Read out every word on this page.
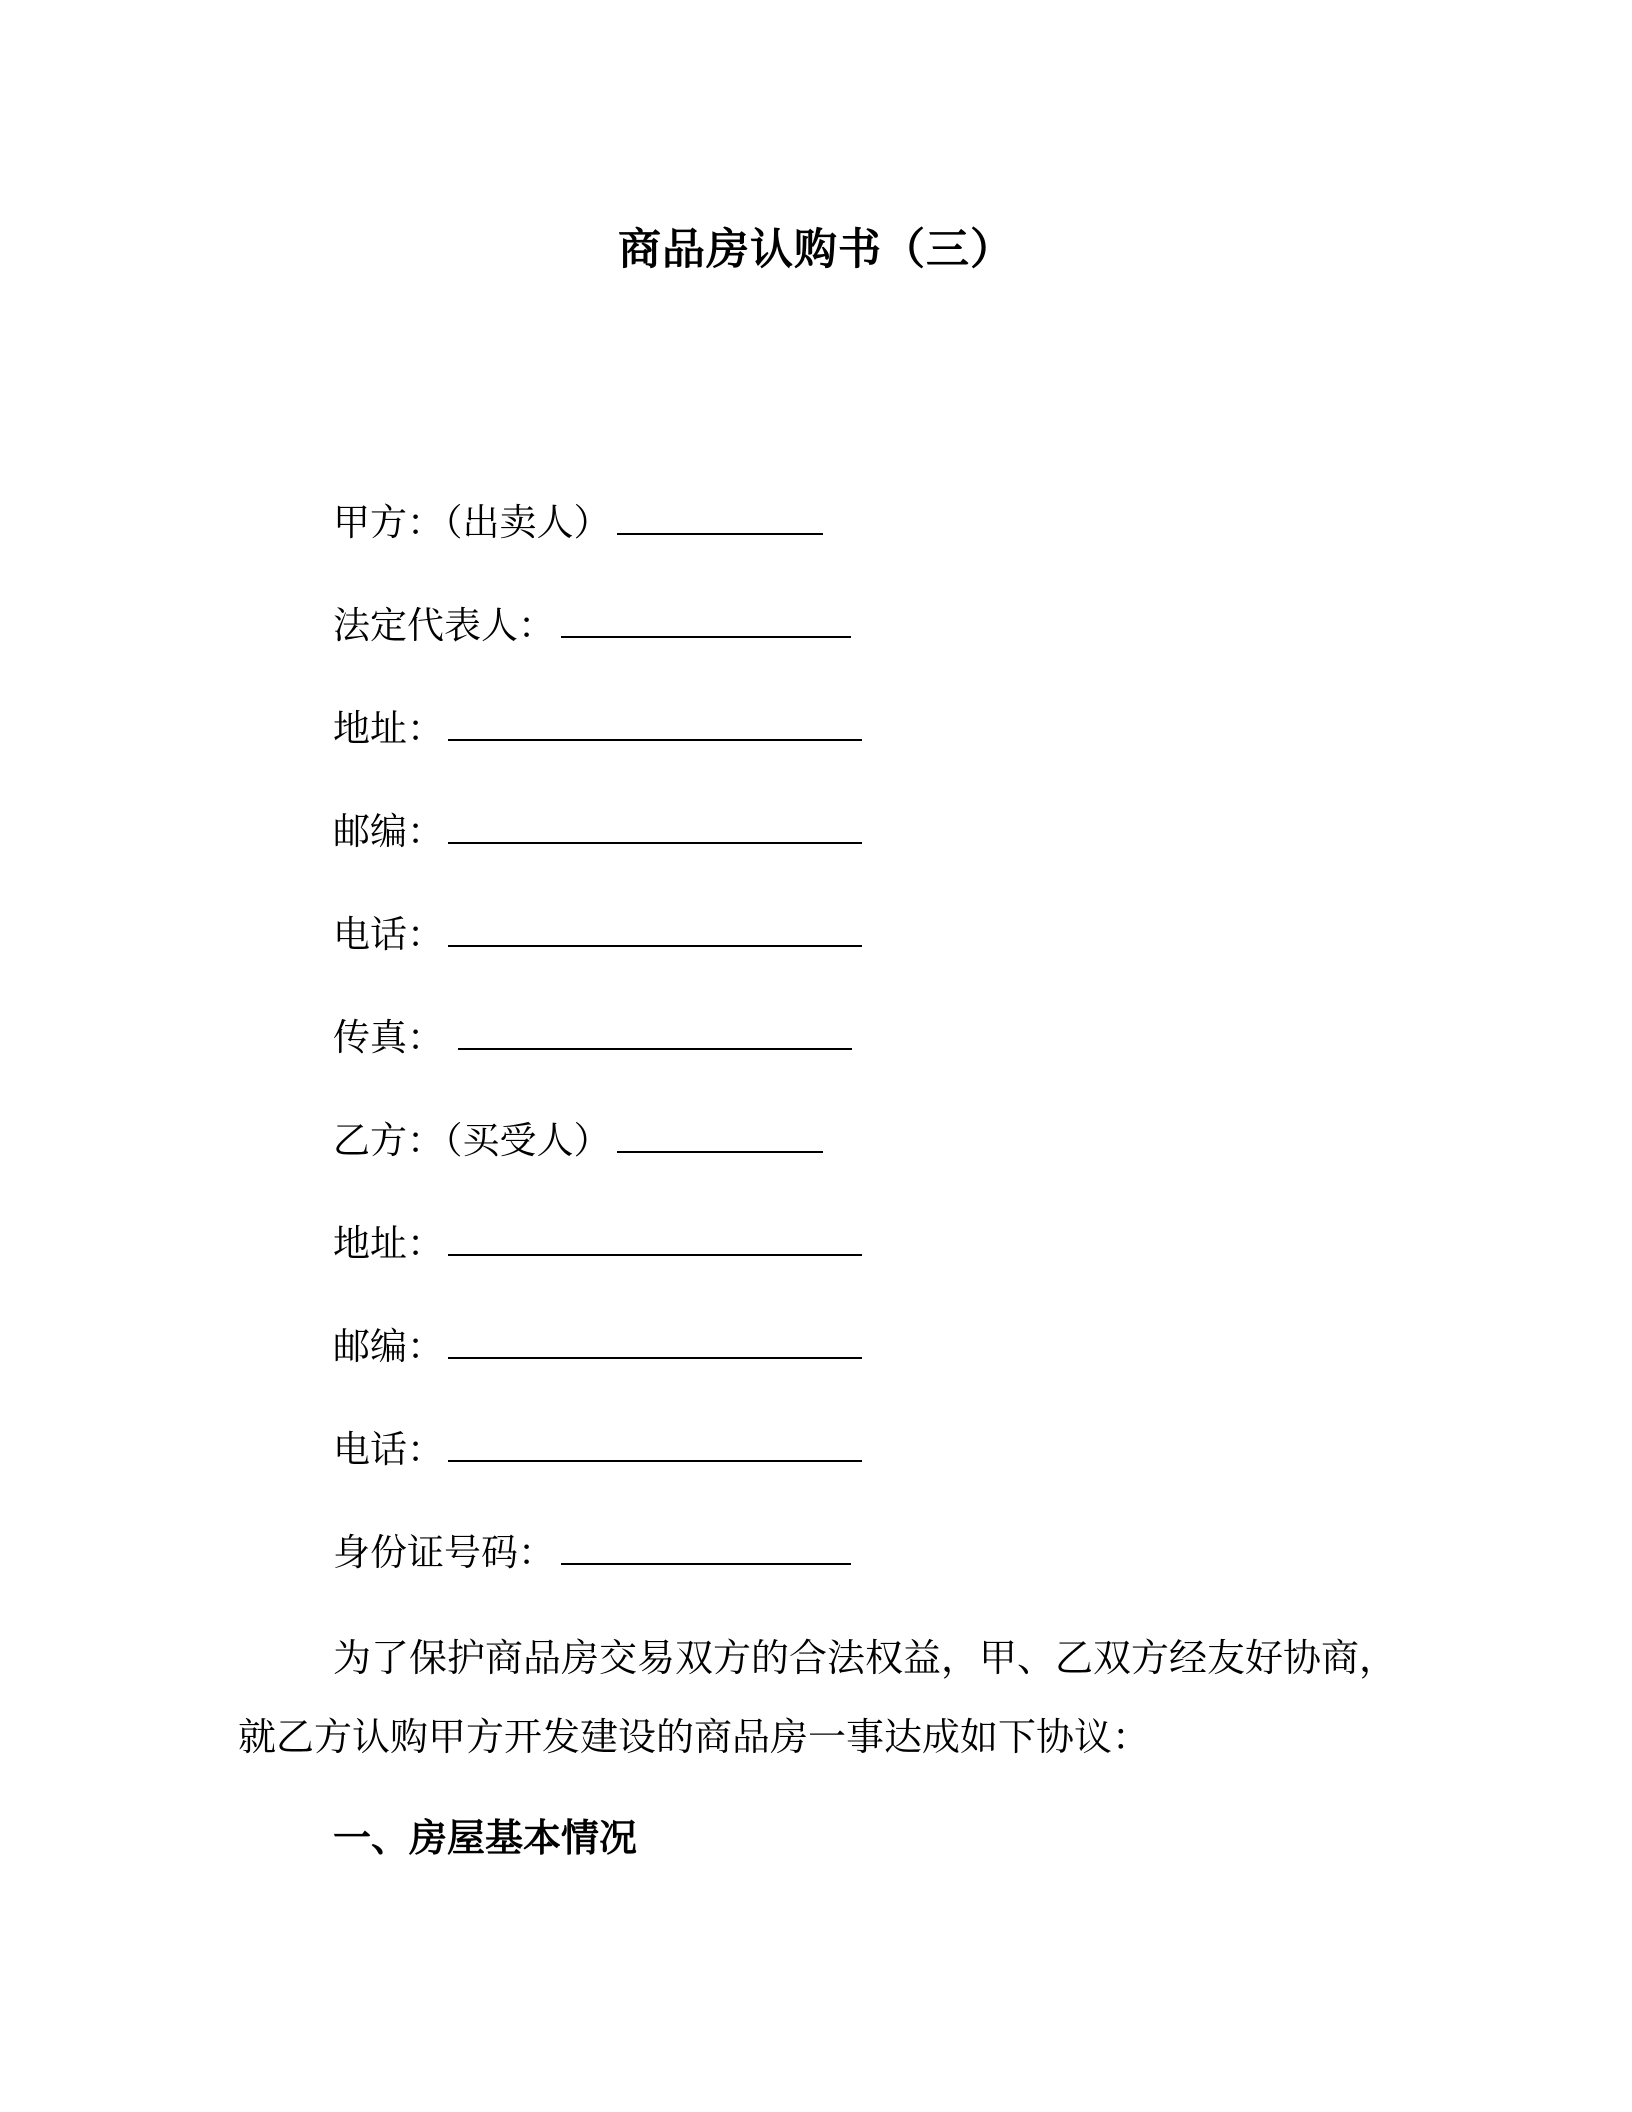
商品房认购书（三）
甲方：（出卖人）
法定代表人：
地址：
邮编：
电话：
传真：
乙方：（买受人）
地址：
邮编：
电话：
身份证号码：
为了保护商品房交易双方的合法权益，甲、乙双方经友好协商，
就乙方认购甲方开发建设的商品房一事达成如下协议：
一、房屋基本情况
